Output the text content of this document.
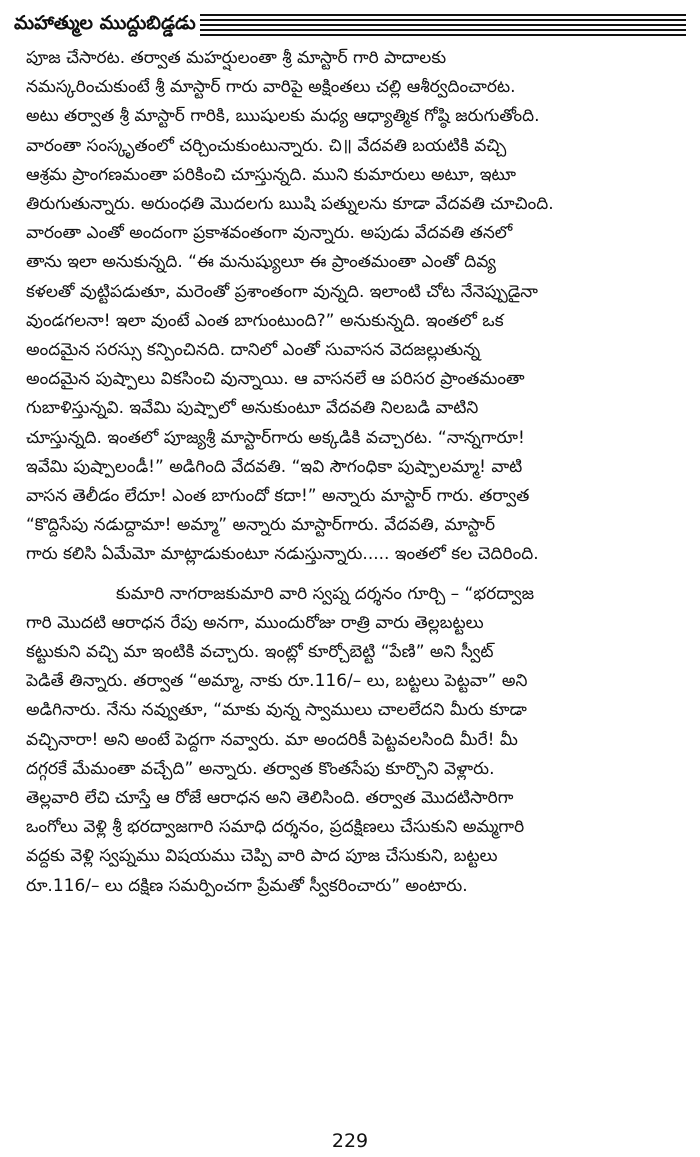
మహాత్ముల ముద్దుబిడ్డడు
పూజ చేసారట. తర్వాత మహర్షులంతా శ్రీ మాస్టార్ గారి పాదాలకు
నమస్కరించుకుంటే శ్రీ మాస్టార్ గారు వారిపై అక్షింతలు చల్లి ఆశీర్వదించారట.
అటు తర్వాత శ్రీ మాస్టార్ గారికి, ఋషులకు మధ్య ఆధ్యాత్మిక గోష్ఠి జరుగుతోంది.
వారంతా సంస్కృతంలో చర్చించుకుంటున్నారు. చి॥ వేదవతి బయటికి వచ్చి
ఆశ్రమ ప్రాంగణమంతా పరికించి చూస్తున్నది. ముని కుమారులు అటూ, ఇటూ
తిరుగుతున్నారు. అరుంధతి మొదలగు ఋషి పత్నులను కూడా వేదవతి చూచింది.
వారంతా ఎంతో అందంగా ప్రకాశవంతంగా వున్నారు. అపుడు వేదవతి తనలో
తాను ఇలా అనుకున్నది. “ఈ మనుష్యులూ ఈ ప్రాంతమంతా ఎంతో దివ్య
కళలతో వుట్టిపడుతూ, మరెంతో ప్రశాంతంగా వున్నది. ఇలాంటి చోట నేనెప్పుడైనా
వుండగలనా! ఇలా వుంటే ఎంత బాగుంటుంది?” అనుకున్నది. ఇంతలో ఒక
అందమైన సరస్సు కన్పించినది. దానిలో ఎంతో సువాసన వెదజల్లుతున్న
అందమైన పుష్పాలు వికసించి వున్నాయి. ఆ వాసనలే ఆ పరిసర ప్రాంతమంతా
గుబాళిస్తున్నవి. ఇవేమి పుష్పాలో అనుకుంటూ వేదవతి నిలబడి వాటిని
చూస్తున్నది. ఇంతలో పూజ్యశ్రీ మాస్టార్‌గారు అక్కడికి వచ్చారట. “నాన్నగారూ!
ఇవేమి పుష్పాలండీ!” అడిగింది వేదవతి. “ఇవి సౌగంధికా పుష్పాలమ్మా! వాటి
వాసన తెలీడం లేదూ! ఎంత బాగుందో కదా!” అన్నారు మాస్టార్ గారు. తర్వాత
“కొద్దిసేపు నడుద్దామా! అమ్మా” అన్నారు మాస్టార్‌గారు. వేదవతి, మాస్టార్
గారు కలిసి ఏమేమో మాట్లాడుకుంటూ నడుస్తున్నారు..... ఇంతలో కల చెదిరింది.
కుమారి నాగరాజకుమారి వారి స్వప్న దర్శనం గూర్చి – “భరద్వాజ
గారి మొదటి ఆరాధన రేపు అనగా, ముందురోజు రాత్రి వారు తెల్లబట్టలు
కట్టుకుని వచ్చి మా ఇంటికి వచ్చారు. ఇంట్లో కూర్చోబెట్టి “పేణి” అని స్వీట్
పెడితే తిన్నారు. తర్వాత “అమ్మా, నాకు రూ.116/– లు, బట్టలు పెట్టవా” అని
అడిగినారు. నేను నవ్వుతూ, “మాకు వున్న స్వాములు చాలలేదని మీరు కూడా
వచ్చినారా! అని అంటే పెద్దగా నవ్వారు. మా అందరికీ పెట్టవలసింది మీరే! మీ
దగ్గరకే మేమంతా వచ్చేది” అన్నారు. తర్వాత కొంతసేపు కూర్చొని వెళ్లారు.
తెల్లవారి లేచి చూస్తే ఆ రోజే ఆరాధన అని తెలిసింది. తర్వాత మొదటిసారిగా
ఒంగోలు వెళ్లి శ్రీ భరద్వాజగారి సమాధి దర్శనం, ప్రదక్షిణలు చేసుకుని అమ్మగారి
వద్దకు వెళ్లి స్వప్నము విషయము చెప్పి వారి పాద పూజ చేసుకుని, బట్టలు
రూ.116/– లు దక్షిణ సమర్పించగా ప్రేమతో స్వీకరించారు” అంటారు.
229
